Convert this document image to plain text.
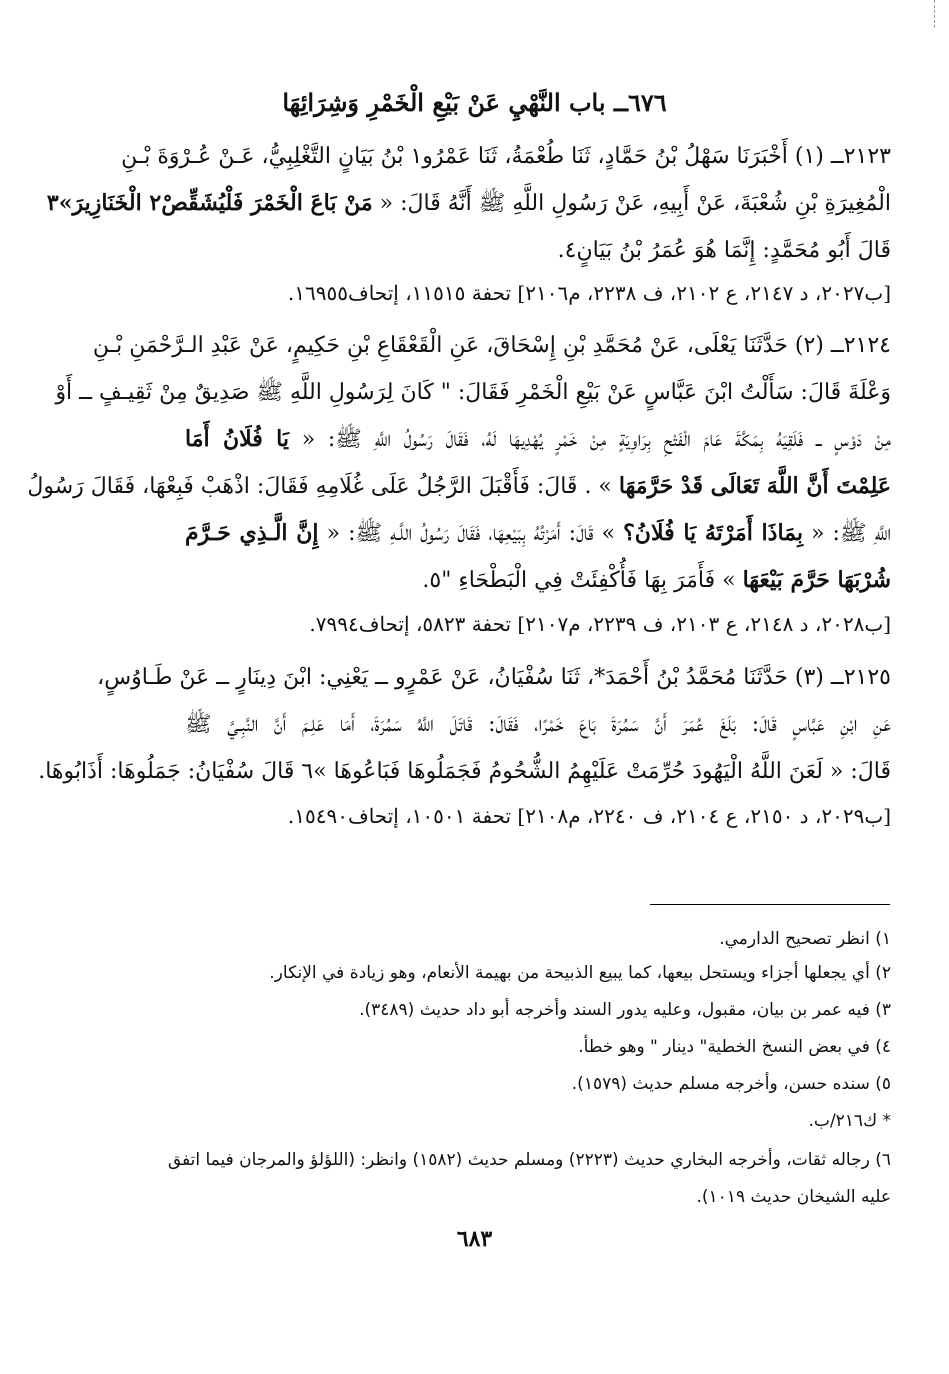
٦٧٦ــ باب النَّهْيِ عَنْ بَيْعِ الْخَمْرِ وَشِرَائِهَا
٢١٢٣ــ (١) أَخْبَرَنَا سَهْلُ بْنُ حَمَّادٍ، ثَنَا طُعْمَةُ، ثَنَا عَمْرُو١ بْنُ بَيَانٍ التَّغْلِبِيُّ، عَـنْ عُـرْوَةَ بْـنِ
الْمُغِيرَةِ بْنِ شُعْبَةَ، عَنْ أَبِيهِ، عَنْ رَسُولِ اللَّهِ ﷺ أَنَّهُ قَالَ: « مَنْ بَاعَ الْخَمْرَ فَلْيُشَقِّصْ٢ الْخَنَازِيرَ»٣
قَالَ أَبُو مُحَمَّدٍ: إِنَّمَا هُوَ عُمَرُ بْنُ بَيَانٍ٤.
[ب٢٠٢٧، د ٢١٤٧، ع ٢١٠٢، ف ٢٢٣٨، م٢١٠٦] تحفة ١١٥١٥، إتحاف١٦٩٥٥.
٢١٢٤ــ (٢) حَدَّثَنَا يَعْلَى، عَنْ مُحَمَّدِ بْنِ إِسْحَاقَ، عَنِ الْقَعْقَاعِ بْنِ حَكِيمٍ، عَنْ عَبْدِ الـرَّحْمَنِ بْـنِ
وَعْلَةَ قَالَ: سَأَلْتُ ابْنَ عَبَّاسٍ عَنْ بَيْعِ الْخَمْرِ فَقَالَ: " كَانَ لِرَسُولِ اللَّهِ ﷺ صَدِيقٌ مِنْ ثَقِيـفٍ ــ أَوْ
مِنْ دَوْسٍ ــ فَلَقِيَهُ بِمَكَّةَ عَامَ الْفَتْحِ بِرَاوِيَةٍ مِنْ خَمْرٍ يُهْدِيهَا لَهُ، فَقَالَ رَسُولُ اللَّهِ ﷺ: « يَا فُلَانُ أَمَا
عَلِمْتَ أَنَّ اللَّهَ تَعَالَى قَدْ حَرَّمَهَا » . قَالَ: فَأَقْبَلَ الرَّجُلُ عَلَى غُلَامِهِ فَقَالَ: اذْهَبْ فَبِعْهَا، فَقَالَ رَسُولُ
اللَّهِ ﷺ: « بِمَاذَا أَمَرْتَهُ يَا فُلَانُ؟ » قَالَ: أَمَرْتُهُ بِبَيْعِهَا، فَقَالَ رَسُولُ اللَّـهِ ﷺ: « إِنَّ الَّـذِي حَـرَّمَ
شُرْبَهَا حَرَّمَ بَيْعَهَا » فَأَمَرَ بِهَا فَأُكْفِئَتْ فِي الْبَطْحَاءِ "٥.
[ب٢٠٢٨، د ٢١٤٨، ع ٢١٠٣، ف ٢٢٣٩، م٢١٠٧] تحفة ٥٨٢٣، إتحاف٧٩٩٤.
٢١٢٥ــ (٣) حَدَّثَنَا مُحَمَّدُ بْنُ أَحْمَدَ*، ثَنَا سُفْيَانُ، عَنْ عَمْرٍو ــ يَعْنِي: ابْنَ دِينَارٍ ــ عَنْ طَـاوُسٍ،
عَنِ ابْنِ عَبَّاسٍ قَالَ: بَلَغَ عُمَرَ أَنَّ سَمُرَةَ بَاعَ خَمْرًا، فَقَالَ: قَاتَلَ اللَّهُ سَمُرَةَ، أَمَا عَلِـمَ أَنَّ النَّبِـيَّ ﷺ
قَالَ: « لَعَنَ اللَّهُ الْيَهُودَ حُرِّمَتْ عَلَيْهِمُ الشُّحُومُ فَجَمَلُوهَا فَبَاعُوهَا »٦ قَالَ سُفْيَانُ: جَمَلُوهَا: أَذَابُوهَا.
[ب٢٠٢٩، د ٢١٥٠، ع ٢١٠٤، ف ٢٢٤٠، م٢١٠٨] تحفة ١٠٥٠١، إتحاف١٥٤٩٠.
١) انظر تصحيح الدارمي.
٢) أي يجعلها أجزاء ويستحل بيعها، كما يبيع الذبيحة من بهيمة الأنعام، وهو زيادة في الإنكار.
٣) فيه عمر بن بيان، مقبول، وعليه يدور السند وأخرجه أبو داد حديث (٣٤٨٩).
٤) في بعض النسخ الخطية" دينار " وهو خطأ.
٥) سنده حسن، وأخرجه مسلم حديث (١٥٧٩).
* ك٢١٦/ب.
٦) رجاله ثقات، وأخرجه البخاري حديث (٢٢٢٣) ومسلم حديث (١٥٨٢) وانظر: (اللؤلؤ والمرجان فيما اتفق
عليه الشيخان حديث ١٠١٩).
٦٨٣
